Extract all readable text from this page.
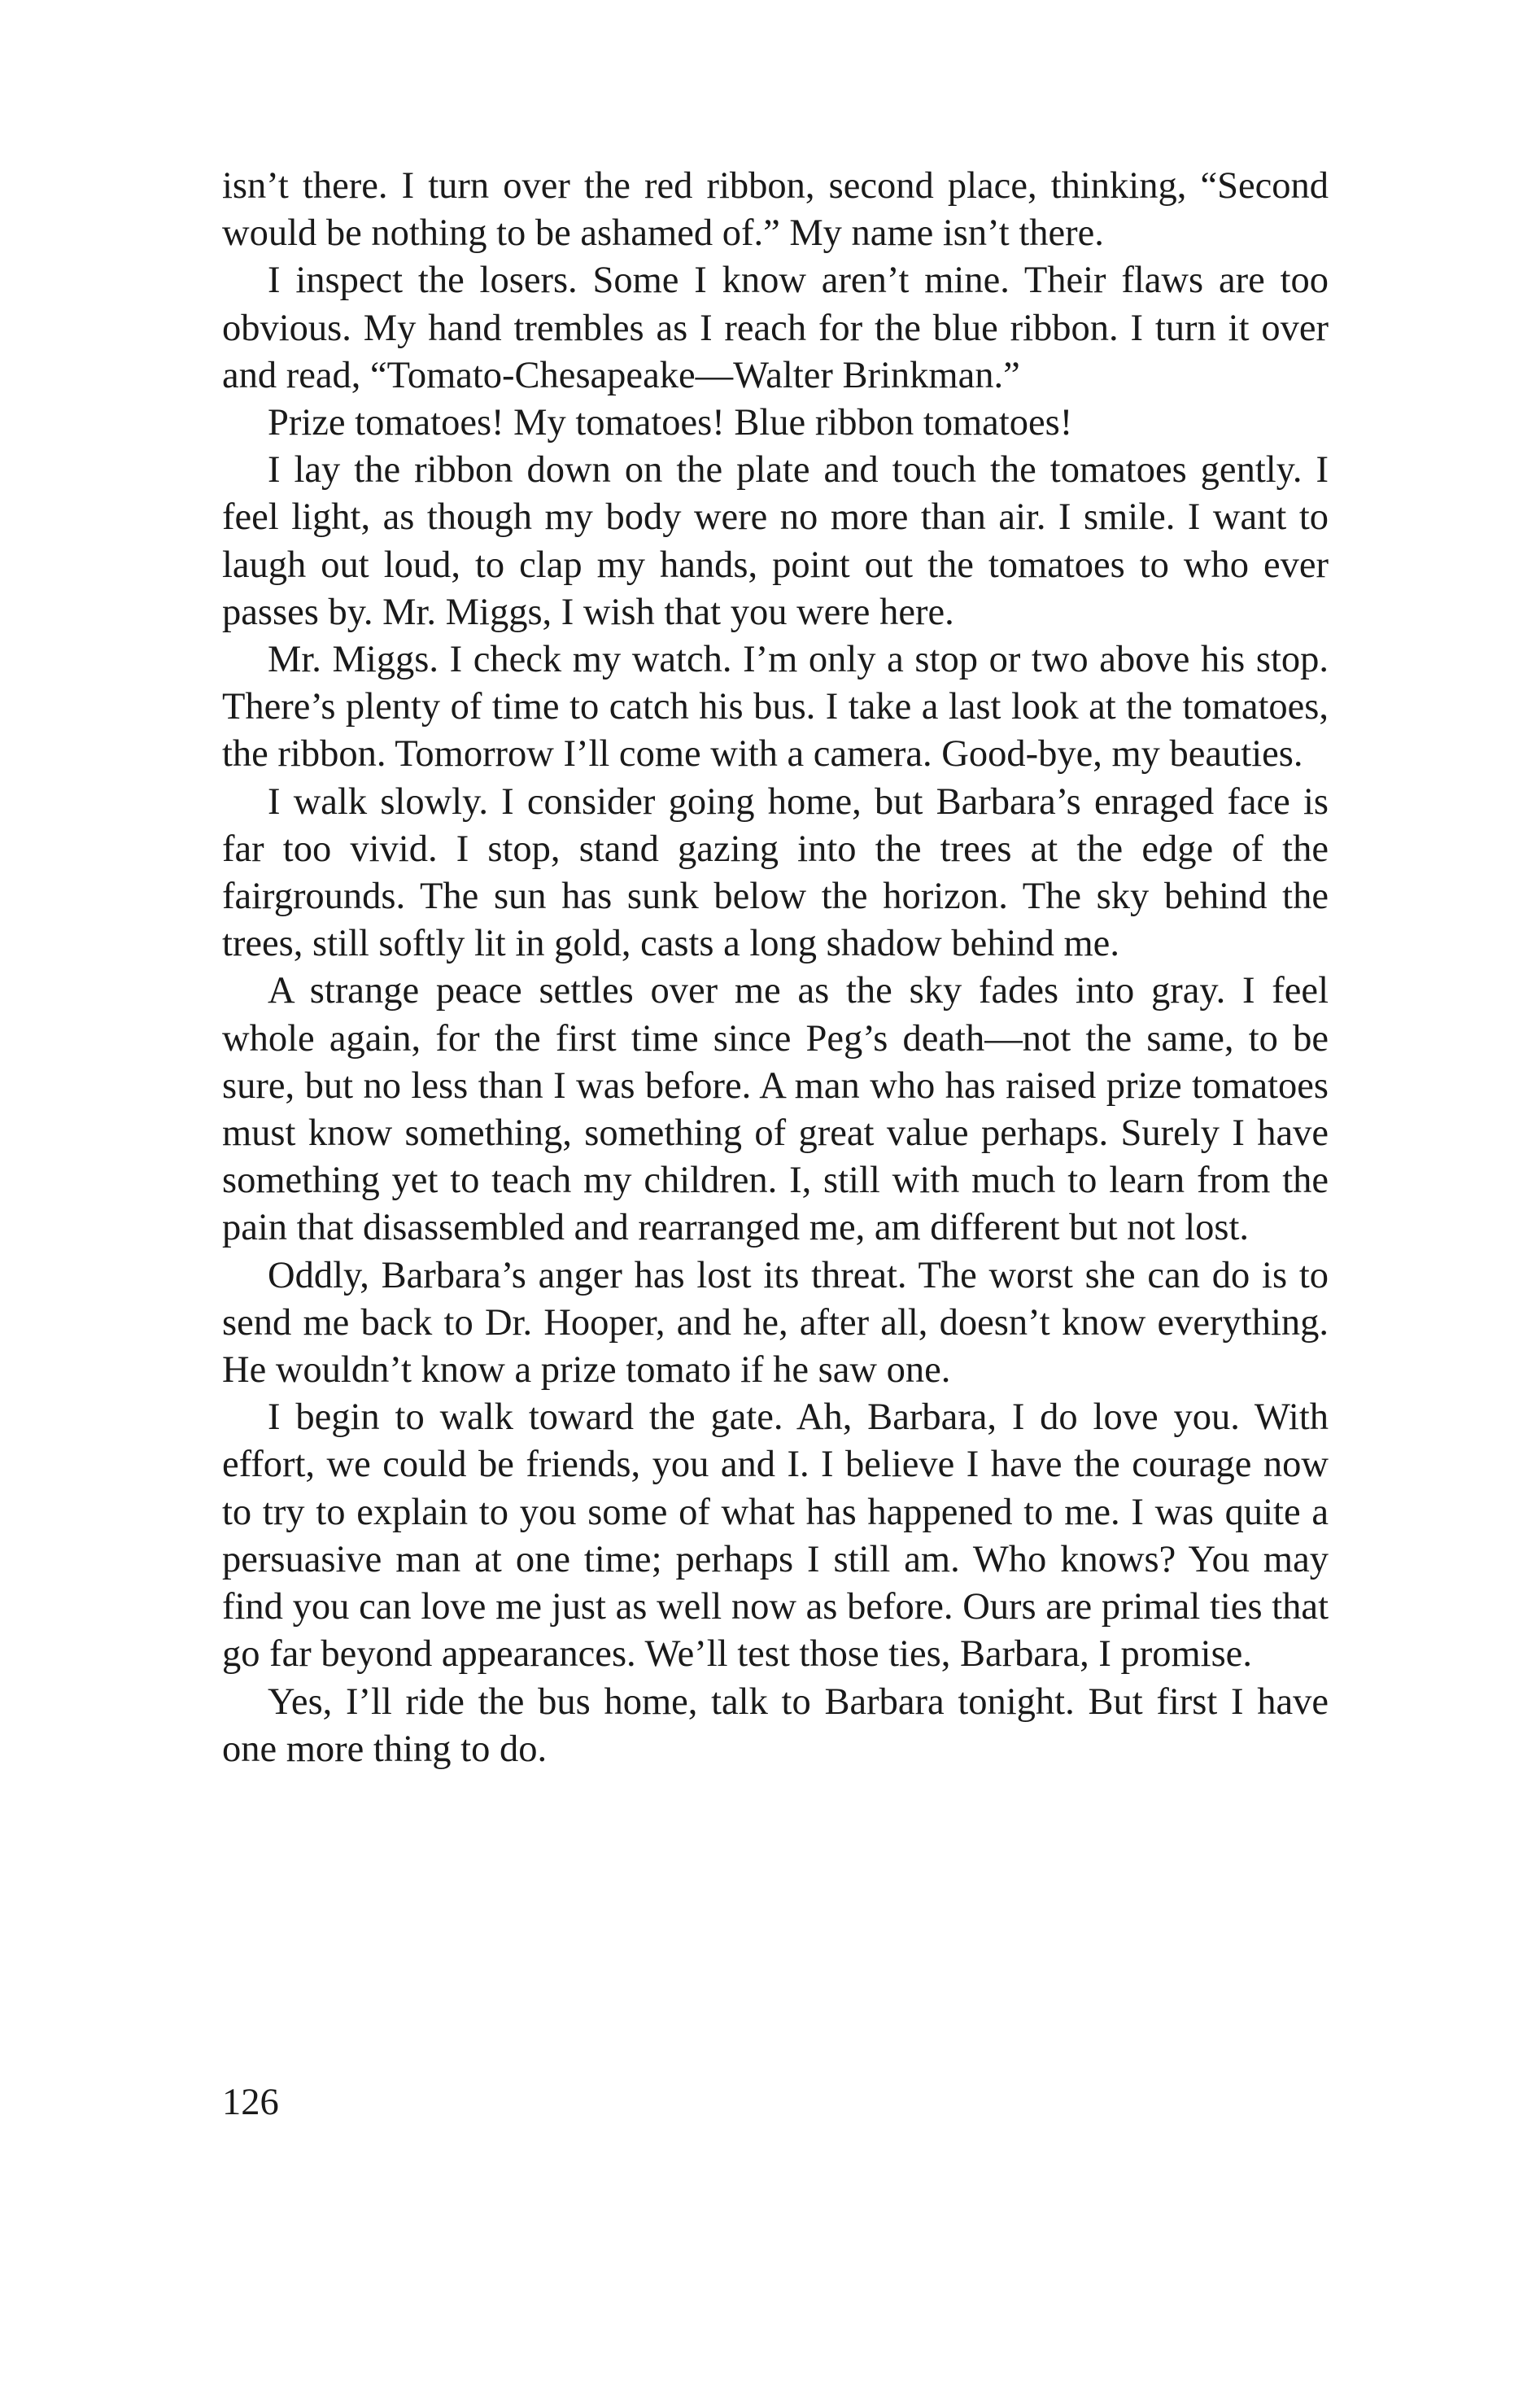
isn’t there. I turn over the red ribbon, second place, thinking, “Second would be nothing to be ashamed of.” My name isn’t there.

I inspect the losers. Some I know aren’t mine. Their flaws are too obvious. My hand trembles as I reach for the blue ribbon. I turn it over and read, “Tomato-Chesapeake—Walter Brinkman.”

Prize tomatoes! My tomatoes! Blue ribbon tomatoes!

I lay the ribbon down on the plate and touch the tomatoes gently. I feel light, as though my body were no more than air. I smile. I want to laugh out loud, to clap my hands, point out the tomatoes to who ever passes by. Mr. Miggs, I wish that you were here.

Mr. Miggs. I check my watch. I’m only a stop or two above his stop. There’s plenty of time to catch his bus. I take a last look at the tomatoes, the ribbon. Tomorrow I’ll come with a camera. Good-bye, my beauties.

I walk slowly. I consider going home, but Barbara’s enraged face is far too vivid. I stop, stand gazing into the trees at the edge of the fairgrounds. The sun has sunk below the horizon. The sky behind the trees, still softly lit in gold, casts a long shadow behind me.

A strange peace settles over me as the sky fades into gray. I feel whole again, for the first time since Peg’s death—not the same, to be sure, but no less than I was before. A man who has raised prize tomatoes must know something, something of great value perhaps. Surely I have something yet to teach my children. I, still with much to learn from the pain that disassembled and rearranged me, am different but not lost.

Oddly, Barbara’s anger has lost its threat. The worst she can do is to send me back to Dr. Hooper, and he, after all, doesn’t know everything. He wouldn’t know a prize tomato if he saw one.

I begin to walk toward the gate. Ah, Barbara, I do love you. With effort, we could be friends, you and I. I believe I have the courage now to try to explain to you some of what has happened to me. I was quite a persuasive man at one time; perhaps I still am. Who knows? You may find you can love me just as well now as before. Ours are primal ties that go far beyond appearances. We’ll test those ties, Barbara, I promise.

Yes, I’ll ride the bus home, talk to Barbara tonight. But first I have one more thing to do.

126
